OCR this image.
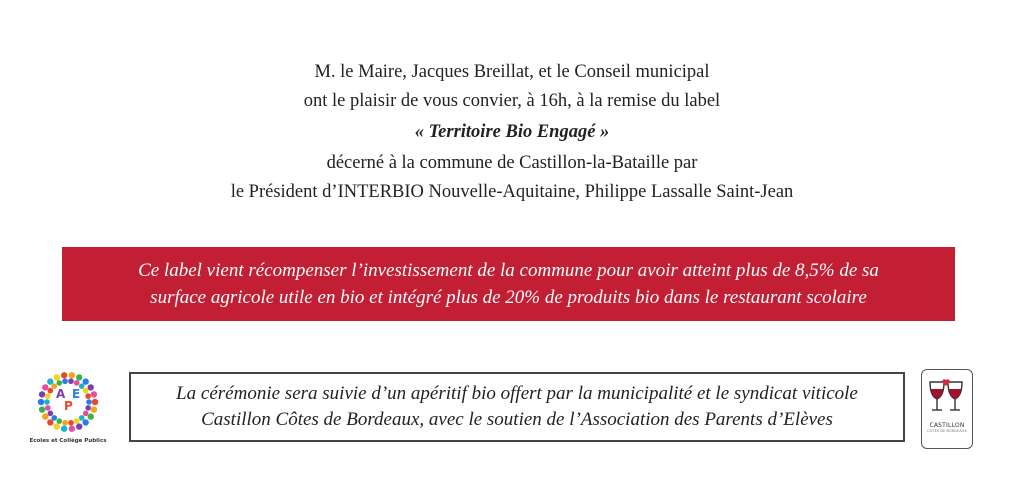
M. le Maire, Jacques Breillat, et le Conseil municipal
ont le plaisir de vous convier, à 16h, à la remise du label
« Territoire Bio Engagé »
décerné à la commune de Castillon-la-Bataille par
le Président d’INTERBIO Nouvelle-Aquitaine, Philippe Lassalle Saint-Jean
Ce label vient récompenser l’investissement de la commune pour avoir atteint plus de 8,5% de sa
surface agricole utile en bio et intégré plus de 20% de produits bio dans le restaurant scolaire
A
P
E
Ecoles et Collège Publics
La cérémonie sera suivie d’un apéritif bio offert par la municipalité et le syndicat viticole
Castillon Côtes de Bordeaux, avec le soutien de l’Association des Parents d’Elèves	CASTILLON
CÔTES DE BORDEAUX
